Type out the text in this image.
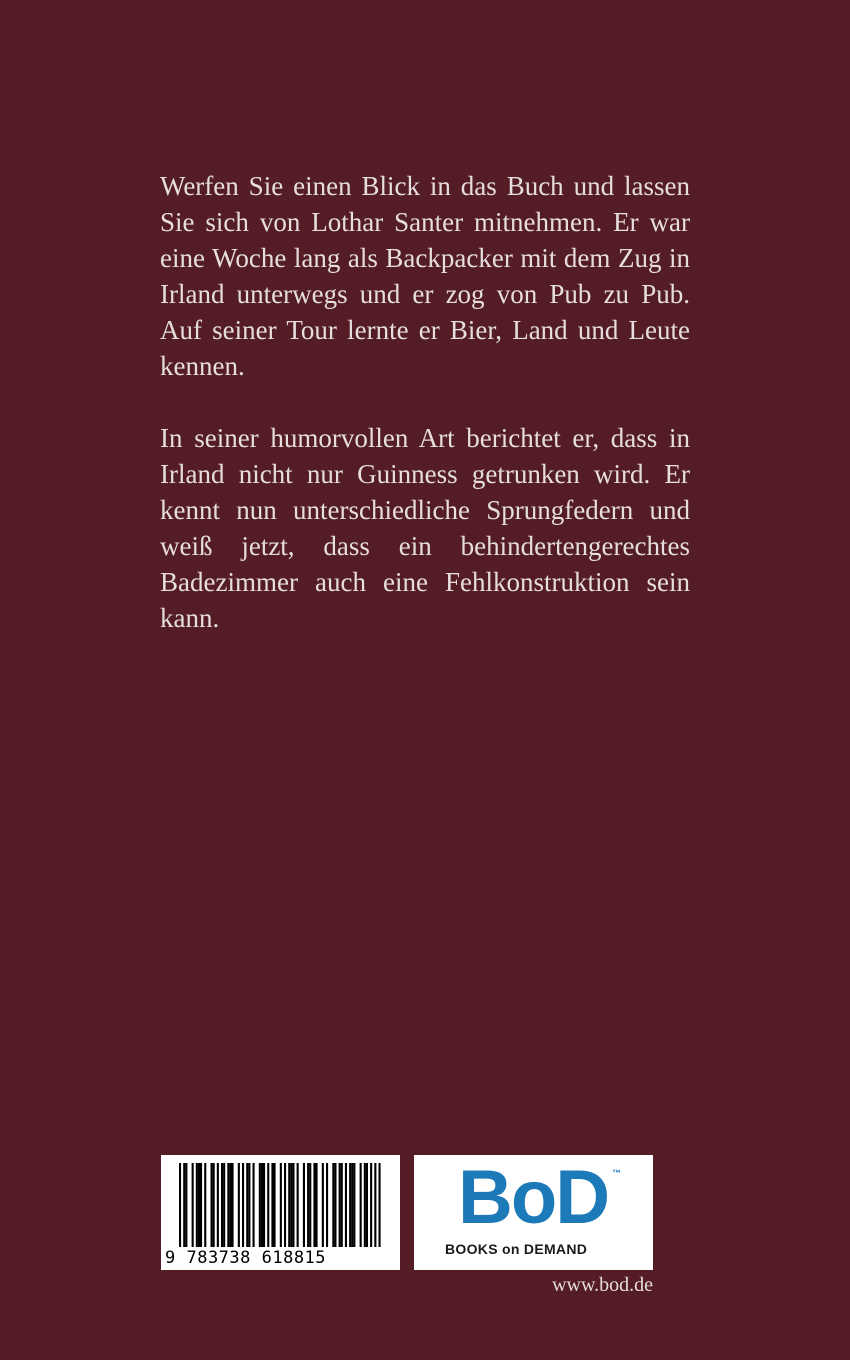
Werfen Sie einen Blick in das Buch und lassen Sie sich von Lothar Santer mitnehmen. Er war eine Woche lang als Backpacker mit dem Zug in Irland unterwegs und er zog von Pub zu Pub. Auf seiner Tour lernte er Bier, Land und Leute kennen.

In seiner humorvollen Art berichtet er, dass in Irland nicht nur Guinness getrunken wird. Er kennt nun unterschiedliche Sprungfedern und weiß jetzt, dass ein behindertengerechtes Badezimmer auch eine Fehlkonstruktion sein kann.

9 783738 618815
BoD ™
BOOKS on DEMAND
www.bod.de
